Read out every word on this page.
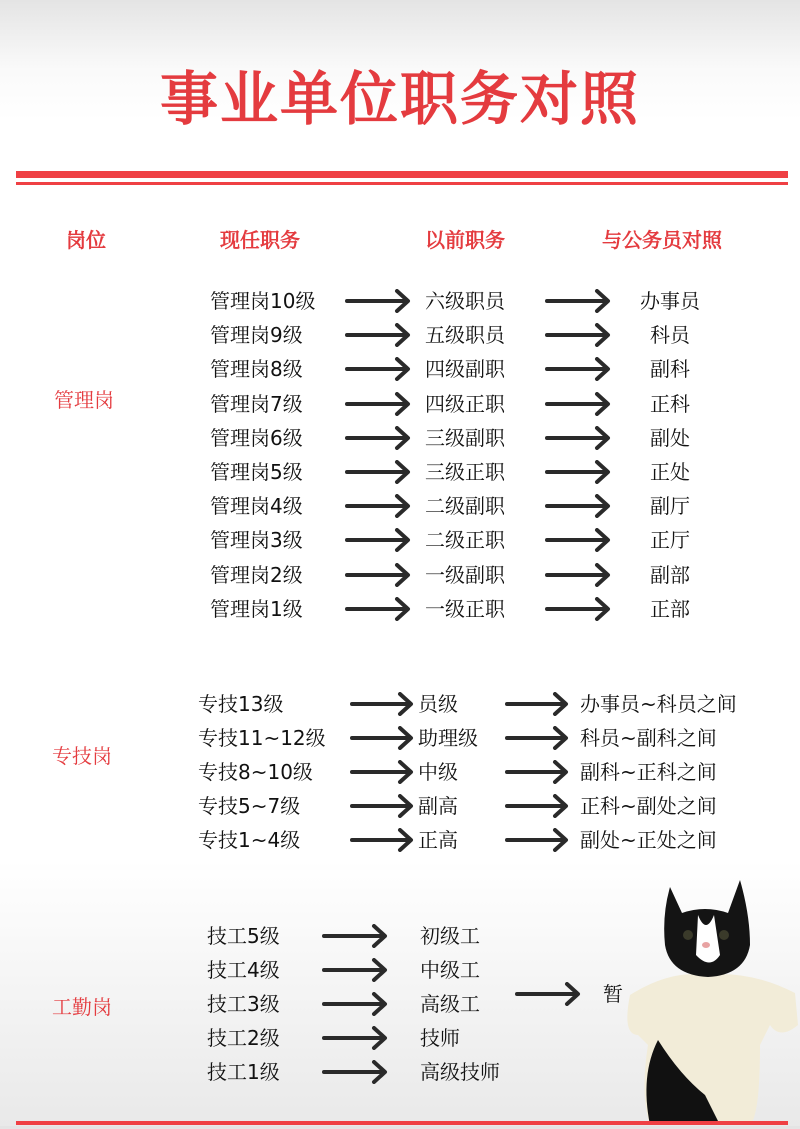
事业单位职务对照
岗位	现任职务	以前职务	与公务员对照
管理岗
专技岗
工勤岗
管理岗10级	六级职员	办事员
管理岗9级	五级职员	科员
管理岗8级	四级副职	副科
管理岗7级	四级正职	正科
管理岗6级	三级副职	副处
管理岗5级	三级正职	正处
管理岗4级	二级副职	副厅
管理岗3级	二级正职	正厅
管理岗2级	一级副职	副部
管理岗1级	一级正职	正部
专技13级	员级	办事员~科员之间
专技11~12级	助理级	科员~副科之间
专技8~10级	中级	副科~正科之间
专技5~7级	副高	正科~副处之间
专技1~4级	正高	副处~正处之间
技工5级	初级工
技工4级	中级工
技工3级	高级工
技工2级	技师
技工1级	高级技师
暂
